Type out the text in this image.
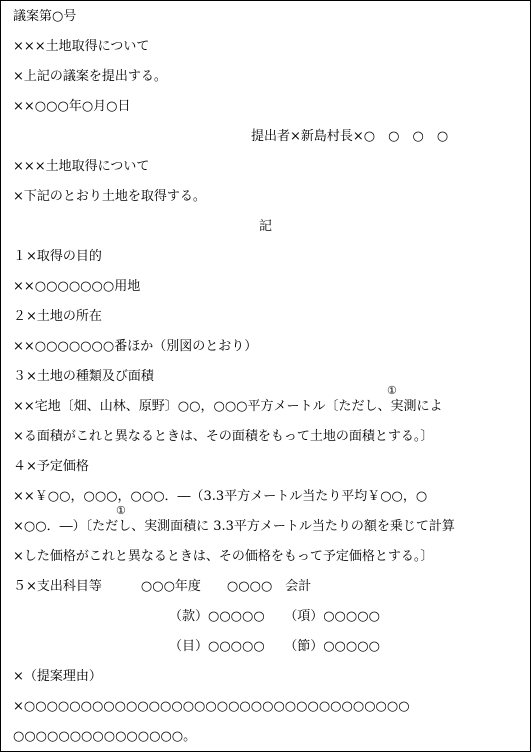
議案第○号
×××土地取得について
×上記の議案を提出する。
××○○○年○月○日
提出者×新島村長×○　○　○　○
×××土地取得について
×下記のとおり土地を取得する。
記
１×取得の目的
××○○○○○○○用地
２×土地の所在
××○○○○○○○番ほか（別図のとおり）
３×土地の種類及び面積
①
××宅地〔畑、山林、原野〕○○，○○○平方メートル〔ただし、実測によ
×る面積がこれと異なるときは、その面積をもって土地の面積とする。〕
４×予定価格
××￥○○，○○○，○○○．―（3.3平方メートル当たり平均￥○○，○
①
×○○．―）〔ただし、実測面積に 3.3平方メートル当たりの額を乗じて計算
×した価格がこれと異なるときは、その価格をもって予定価格とする。〕
５×支出科目等　　　○○○年度　　○○○○　会計
（款）○○○○○　　（項）○○○○○
（目）○○○○○　　（節）○○○○○
×（提案理由）
×○○○○○○○○○○○○○○○○○○○○○○○○○○○○○○○○○○
○○○○○○○○○○○○○○○。
